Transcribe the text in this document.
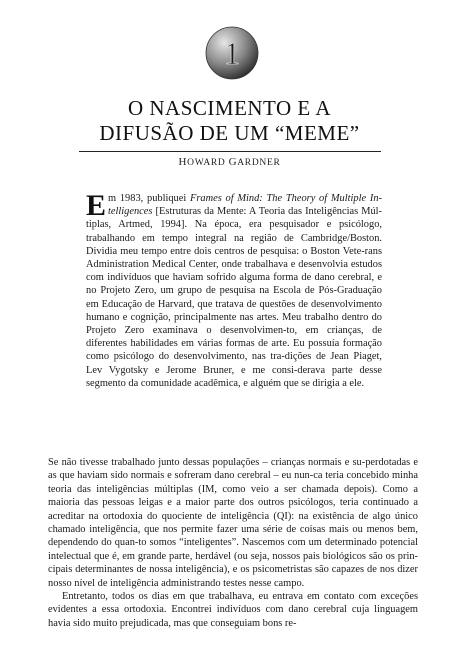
1
O NASCIMENTO E A
DIFUSÃO DE UM “MEME”
HOWARD GARDNER
Em 1983, publiquei Frames of Mind: The Theory of Multiple In-telligences [Estruturas da Mente: A Teoria das Inteligências Múl-tiplas, Artmed, 1994]. Na época, era pesquisador e psicólogo, trabalhando em tempo integral na região de Cambridge/Boston. Dividia meu tempo entre dois centros de pesquisa: o Boston Vete-rans Administration Medical Center, onde trabalhava e desenvolvia estudos com indivíduos que haviam sofrido alguma forma de dano cerebral, e no Projeto Zero, um grupo de pesquisa na Escola de Pós-Graduação em Educação de Harvard, que tratava de questões de desenvolvimento humano e cognição, principalmente nas artes. Meu trabalho dentro do Projeto Zero examinava o desenvolvimen-to, em crianças, de diferentes habilidades em várias formas de arte. Eu possuía formação como psicólogo do desenvolvimento, nas tra-dições de Jean Piaget, Lev Vygotsky e Jerome Bruner, e me consi-derava parte desse segmento da comunidade acadêmica, e alguém que se dirigia a ele.

Se não tivesse trabalhado junto dessas populações – crianças normais e su-perdotadas e as que haviam sido normais e sofreram dano cerebral – eu nun-ca teria concebido minha teoria das inteligências múltiplas (IM, como veio a ser chamada depois). Como a maioria das pessoas leigas e a maior parte dos outros psicólogos, teria continuado a acreditar na ortodoxia do quociente de inteligência (QI): na existência de algo único chamado inteligência, que nos permite fazer uma série de coisas mais ou menos bem, dependendo do quan-to somos “inteligentes”. Nascemos com um determinado potencial intelectual que é, em grande parte, herdável (ou seja, nossos pais biológicos são os prin-cipais determinantes de nossa inteligência), e os psicometristas são capazes de nos dizer nosso nível de inteligência administrando testes nesse campo.

Entretanto, todos os dias em que trabalhava, eu entrava em contato com exceções evidentes a essa ortodoxia. Encontrei indivíduos com dano cerebral cuja linguagem havia sido muito prejudicada, mas que conseguiam bons re-
